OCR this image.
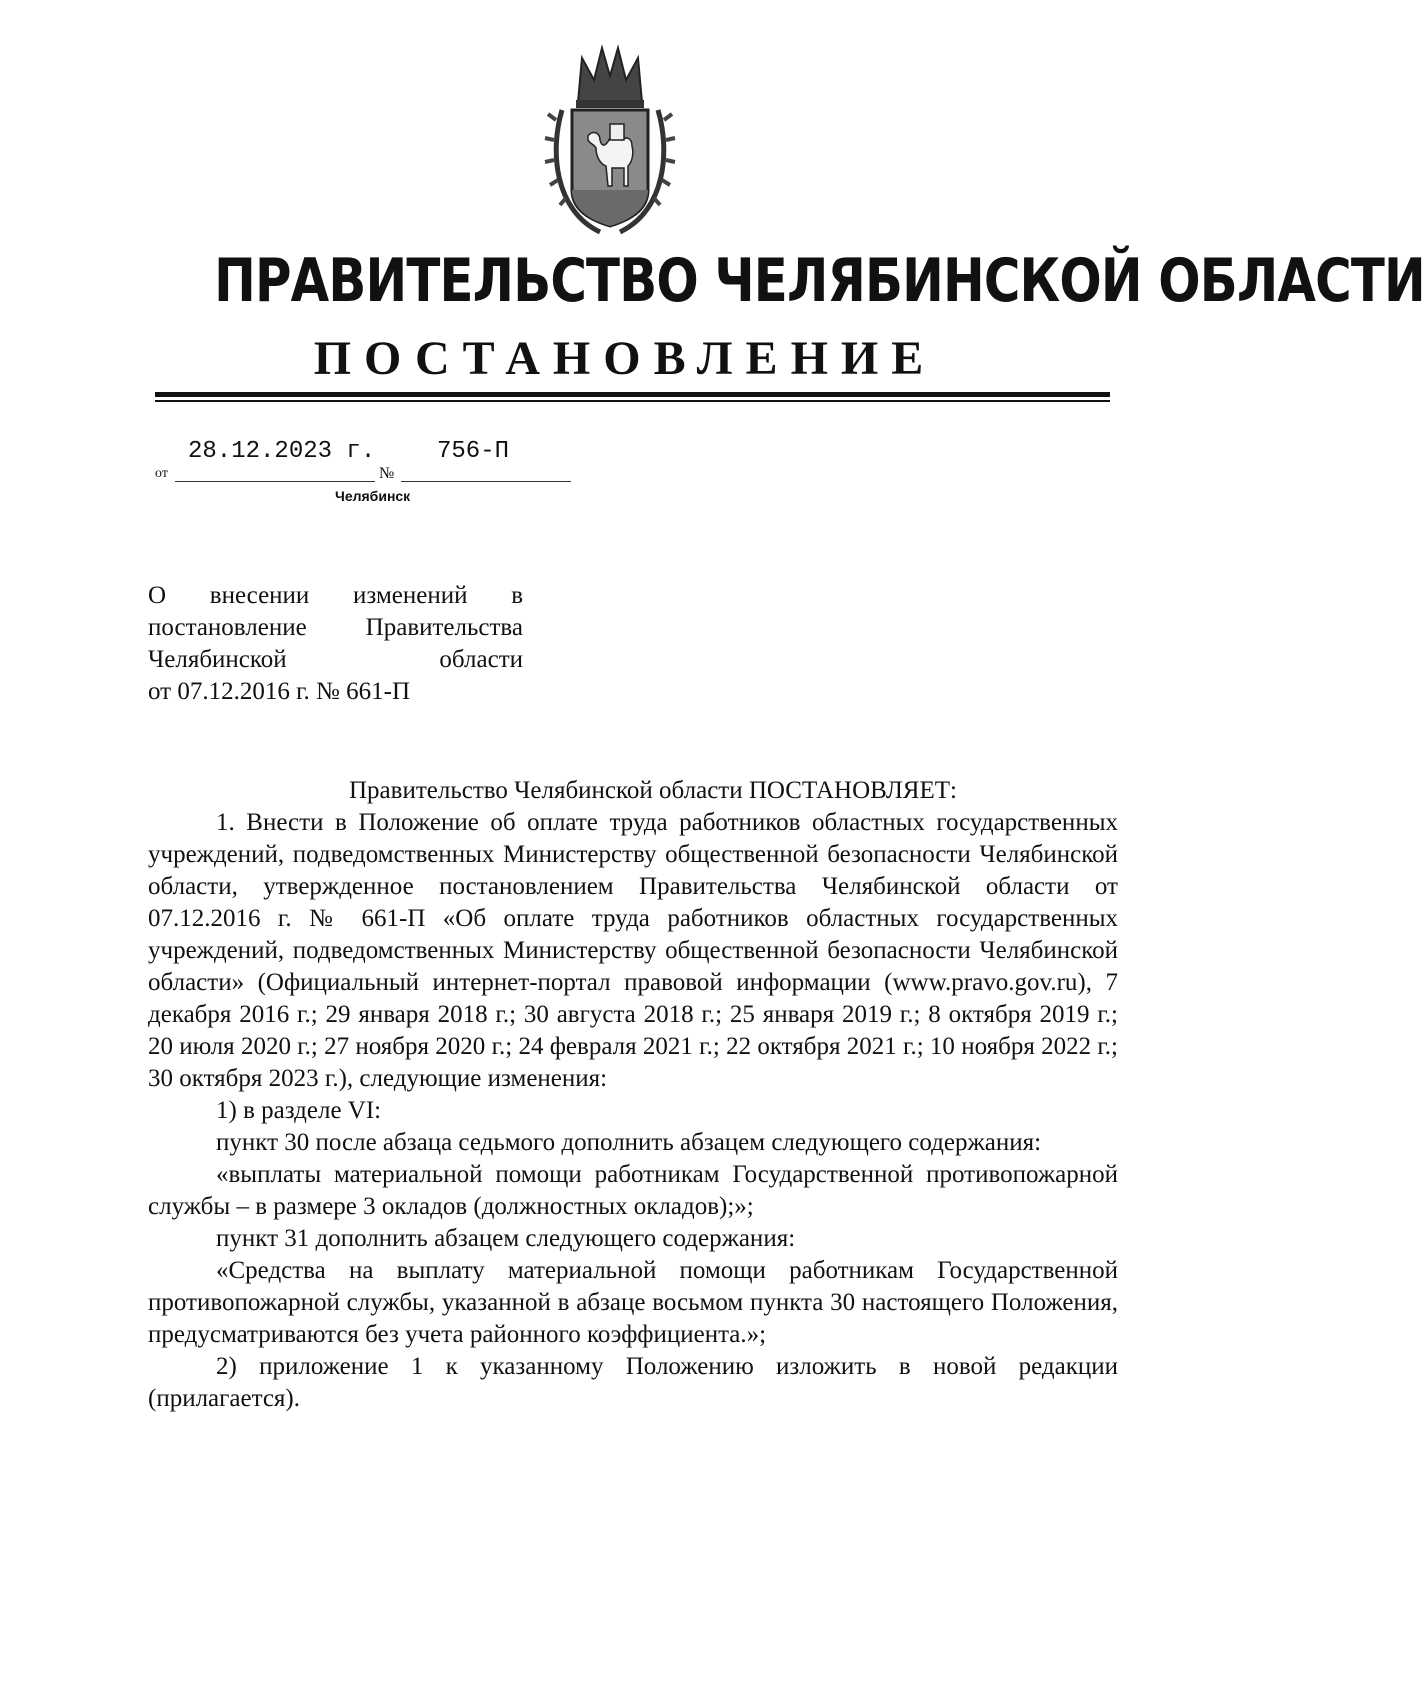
ПРАВИТЕЛЬСТВО ЧЕЛЯБИНСКОЙ ОБЛАСТИ
ПОСТАНОВЛЕНИЕ
от
28.12.2023 г.
№
756-П
Челябинск
О внесении изменений в
постановление Правительства
Челябинской области
от 07.12.2016 г. № 661-П

Правительство Челябинской области ПОСТАНОВЛЯЕТ:

1. Внести в Положение об оплате труда работников областных государственных учреждений, подведомственных Министерству общественной безопасности Челябинской области, утвержденное постановлением Правительства Челябинской области от 07.12.2016 г. № 661-П «Об оплате труда работников областных государственных учреждений, подведомственных Министерству общественной безопасности Челябинской области» (Официальный интернет-портал правовой информации (www.pravo.gov.ru), 7 декабря 2016 г.; 29 января 2018 г.; 30 августа 2018 г.; 25 января 2019 г.; 8 октября 2019 г.; 20 июля 2020 г.; 27 ноября 2020 г.; 24 февраля 2021 г.; 22 октября 2021 г.; 10 ноября 2022 г.; 30 октября 2023 г.), следующие изменения:

1) в разделе VI:

пункт 30 после абзаца седьмого дополнить абзацем следующего содержания:

«выплаты материальной помощи работникам Государственной противопожарной службы – в размере 3 окладов (должностных окладов);»;

пункт 31 дополнить абзацем следующего содержания:

«Средства на выплату материальной помощи работникам Государственной противопожарной службы, указанной в абзаце восьмом пункта 30 настоящего Положения, предусматриваются без учета районного коэффициента.»;

2) приложение 1 к указанному Положению изложить в новой редакции (прилагается).
